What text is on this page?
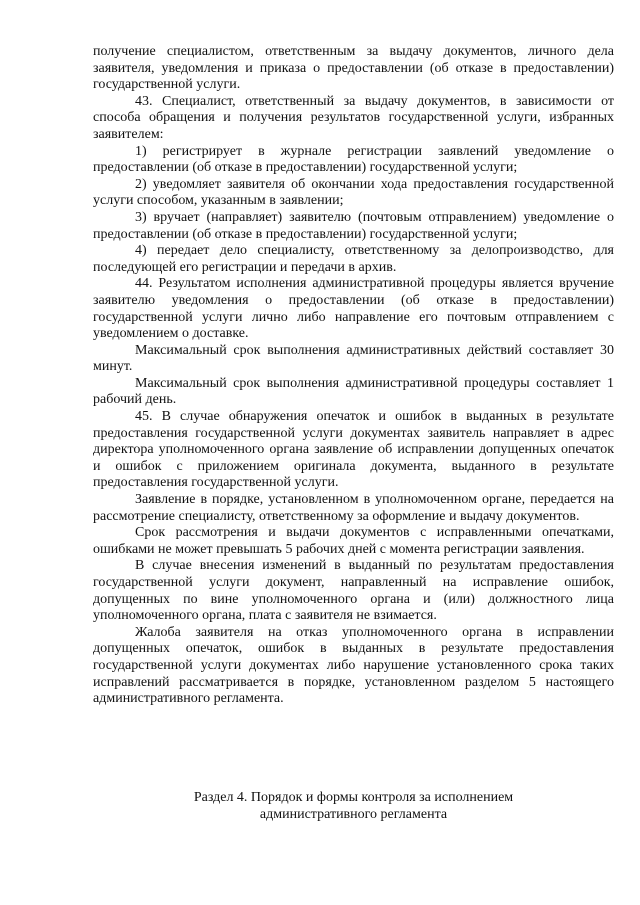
получение специалистом, ответственным за выдачу документов, личного дела заявителя, уведомления и приказа о предоставлении (об отказе в предоставлении) государственной услуги.

43. Специалист, ответственный за выдачу документов, в зависимости от способа обращения и получения результатов государственной услуги, избранных заявителем:

1) регистрирует в журнале регистрации заявлений уведомление о предоставлении (об отказе в предоставлении) государственной услуги;

2) уведомляет заявителя об окончании хода предоставления государственной услуги способом, указанным в заявлении;

3) вручает (направляет) заявителю (почтовым отправлением) уведомление о предоставлении (об отказе в предоставлении) государственной услуги;

4) передает дело специалисту, ответственному за делопроизводство, для последующей его регистрации и передачи в архив.

44. Результатом исполнения административной процедуры является вручение заявителю уведомления о предоставлении (об отказе в предоставлении) государственной услуги лично либо направление его почтовым отправлением с уведомлением о доставке.

Максимальный срок выполнения административных действий составляет 30 минут.

Максимальный срок выполнения административной процедуры составляет 1 рабочий день.

45. В случае обнаружения опечаток и ошибок в выданных в результате предоставления государственной услуги документах заявитель направляет в адрес директора уполномоченного органа заявление об исправлении допущенных опечаток и ошибок с приложением оригинала документа, выданного в результате предоставления государственной услуги.

Заявление в порядке, установленном в уполномоченном органе, передается на рассмотрение специалисту, ответственному за оформление и выдачу документов.

Срок рассмотрения и выдачи документов с исправленными опечатками, ошибками не может превышать 5 рабочих дней с момента регистрации заявления.

В случае внесения изменений в выданный по результатам предоставления государственной услуги документ, направленный на исправление ошибок, допущенных по вине уполномоченного органа и (или) должностного лица уполномоченного органа, плата с заявителя не взимается.

Жалоба заявителя на отказ уполномоченного органа в исправлении допущенных опечаток, ошибок в выданных в результате предоставления государственной услуги документах либо нарушение установленного срока таких исправлений рассматривается в порядке, установленном разделом 5 настоящего административного регламента.

Раздел 4. Порядок и формы контроля за исполнением
административного регламента
